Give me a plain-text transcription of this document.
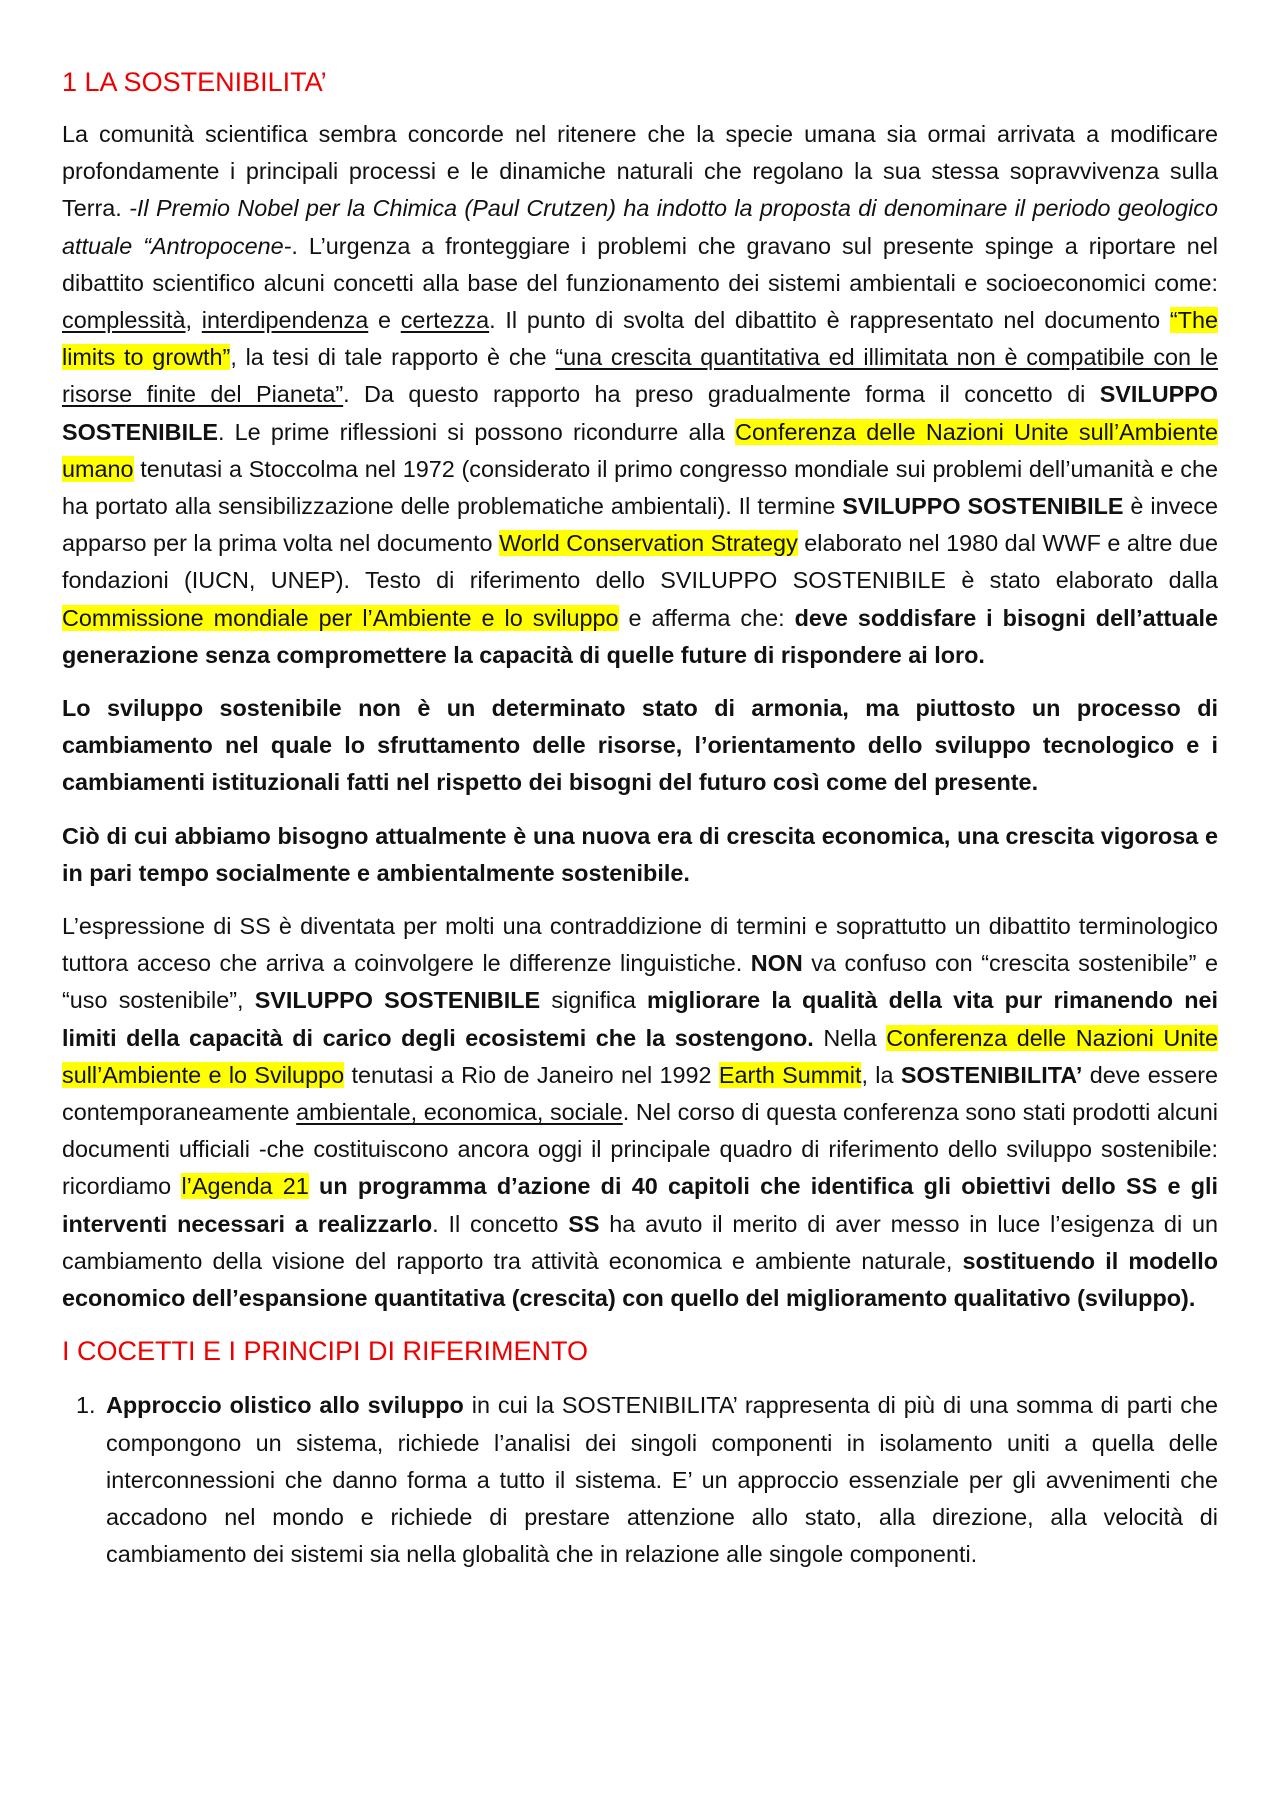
1 LA SOSTENIBILITA’

La comunità scientifica sembra concorde nel ritenere che la specie umana sia ormai arrivata a modificare profondamente i principali processi e le dinamiche naturali che regolano la sua stessa sopravvivenza sulla Terra. -Il Premio Nobel per la Chimica (Paul Crutzen) ha indotto la proposta di denominare il periodo geologico attuale “Antropocene-. L’urgenza a fronteggiare i problemi che gravano sul presente spinge a riportare nel dibattito scientifico alcuni concetti alla base del funzionamento dei sistemi ambientali e socioeconomici come: complessità, interdipendenza e certezza. Il punto di svolta del dibattito è rappresentato nel documento “The limits to growth”, la tesi di tale rapporto è che “una crescita quantitativa ed illimitata non è compatibile con le risorse finite del Pianeta”. Da questo rapporto ha preso gradualmente forma il concetto di SVILUPPO SOSTENIBILE. Le prime riflessioni si possono ricondurre alla Conferenza delle Nazioni Unite sull’Ambiente umano tenutasi a Stoccolma nel 1972 (considerato il primo congresso mondiale sui problemi dell’umanità e che ha portato alla sensibilizzazione delle problematiche ambientali). Il termine SVILUPPO SOSTENIBILE è invece apparso per la prima volta nel documento World Conservation Strategy elaborato nel 1980 dal WWF e altre due fondazioni (IUCN, UNEP). Testo di riferimento dello SVILUPPO SOSTENIBILE è stato elaborato dalla Commissione mondiale per l’Ambiente e lo sviluppo e afferma che: deve soddisfare i bisogni dell’attuale generazione senza compromettere la capacità di quelle future di rispondere ai loro.

Lo sviluppo sostenibile non è un determinato stato di armonia, ma piuttosto un processo di cambiamento nel quale lo sfruttamento delle risorse, l’orientamento dello sviluppo tecnologico e i cambiamenti istituzionali fatti nel rispetto dei bisogni del futuro così come del presente.

Ciò di cui abbiamo bisogno attualmente è una nuova era di crescita economica, una crescita vigorosa e in pari tempo socialmente e ambientalmente sostenibile.

L’espressione di SS è diventata per molti una contraddizione di termini e soprattutto un dibattito terminologico tuttora acceso che arriva a coinvolgere le differenze linguistiche. NON va confuso con “crescita sostenibile” e “uso sostenibile”, SVILUPPO SOSTENIBILE significa migliorare la qualità della vita pur rimanendo nei limiti della capacità di carico degli ecosistemi che la sostengono. Nella Conferenza delle Nazioni Unite sull’Ambiente e lo Sviluppo tenutasi a Rio de Janeiro nel 1992 Earth Summit, la SOSTENIBILITA’ deve essere contemporaneamente ambientale, economica, sociale. Nel corso di questa conferenza sono stati prodotti alcuni documenti ufficiali -che costituiscono ancora oggi il principale quadro di riferimento dello sviluppo sostenibile: ricordiamo l’Agenda 21 un programma d’azione di 40 capitoli che identifica gli obiettivi dello SS e gli interventi necessari a realizzarlo. Il concetto SS ha avuto il merito di aver messo in luce l’esigenza di un cambiamento della visione del rapporto tra attività economica e ambiente naturale, sostituendo il modello economico dell’espansione quantitativa (crescita) con quello del miglioramento qualitativo (sviluppo).

I COCETTI E I PRINCIPI DI RIFERIMENTO
1. Approccio olistico allo sviluppo in cui la SOSTENIBILITA’ rappresenta di più di una somma di parti che compongono un sistema, richiede l’analisi dei singoli componenti in isolamento uniti a quella delle interconnessioni che danno forma a tutto il sistema. E’ un approccio essenziale per gli avvenimenti che accadono nel mondo e richiede di prestare attenzione allo stato, alla direzione, alla velocità di cambiamento dei sistemi sia nella globalità che in relazione alle singole componenti.
